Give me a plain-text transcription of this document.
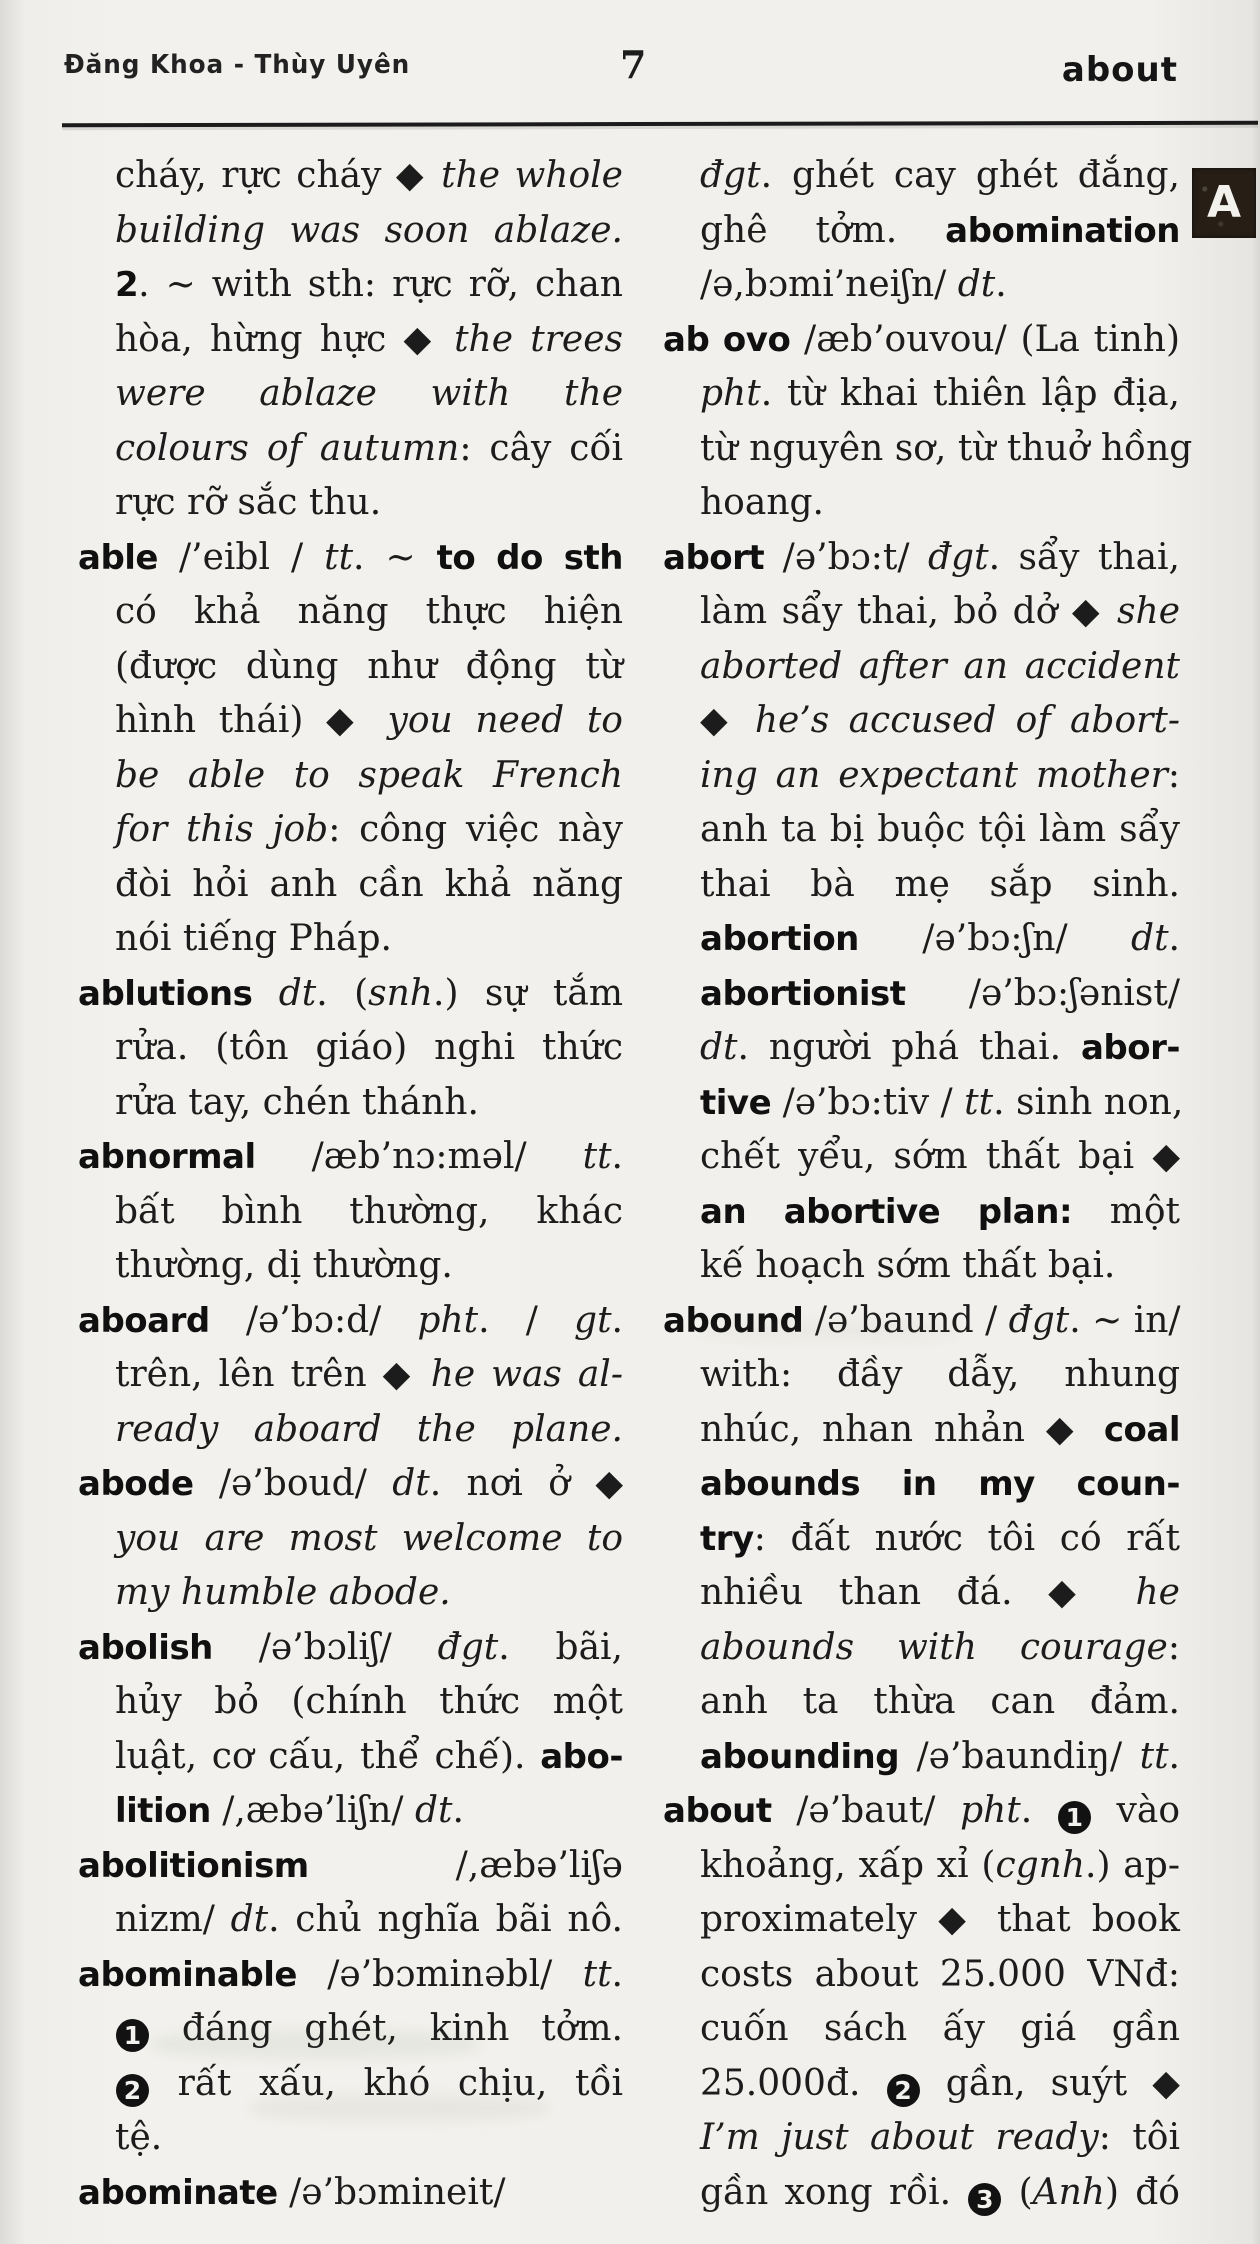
Đăng Khoa - Thùy Uyên	7	about
A
cháy, rực cháy ◆ the whole
building was soon ablaze.
2. ~ with sth: rực rỡ, chan
hòa, hừng hực ◆ the trees
were ablaze with the
colours of autumn: cây cối
rực rỡ sắc thu.
able /’eibl / tt. ~ to do sth
có khả năng thực hiện
(được dùng như động từ
hình thái) ◆ you need to
be able to speak French
for this job: công việc này
đòi hỏi anh cần khả năng
nói tiếng Pháp.
ablutions dt. (snh.) sự tắm
rửa. (tôn giáo) nghi thức
rửa tay, chén thánh.
abnormal /æb’nɔ:məl/ tt.
bất bình thường, khác
thường, dị thường.
aboard /ə’bɔ:d/ pht. / gt.
trên, lên trên ◆ he was al-
ready aboard the plane.
abode /ə’boud/ dt. nơi ở ◆
you are most welcome to
my humble abode.
abolish /ə’bɔliʃ/ đgt. bãi,
hủy bỏ (chính thức một
luật, cơ cấu, thể chế). abo-
lition /,æbə’liʃn/ dt.
abolitionism /,æbə’liʃə
nizm/ dt. chủ nghĩa bãi nô.
abominable /ə’bɔminəbl/ tt.
1 đáng ghét, kinh tởm.
2 rất xấu, khó chịu, tồi
tệ.
abominate /ə’bɔmineit/
đgt. ghét cay ghét đắng,
ghê tởm. abomination
/ə,bɔmi’neiʃn/ dt.
ab ovo /æb’ouvou/ (La tinh)
pht. từ khai thiên lập địa,
từ nguyên sơ, từ thuở hồng
hoang.
abort /ə’bɔ:t/ đgt. sẩy thai,
làm sẩy thai, bỏ dở ◆ she
aborted after an accident
◆ he’s accused of abort-
ing an expectant mother:
anh ta bị buộc tội làm sẩy
thai bà mẹ sắp sinh.
abortion /ə’bɔ:ʃn/ dt.
abortionist /ə’bɔ:ʃənist/
dt. người phá thai. abor-
tive /ə’bɔ:tiv / tt. sinh non,
chết yểu, sớm thất bại ◆
an abortive plan: một
kế hoạch sớm thất bại.
abound /ə’baund / đgt. ~ in/
with: đầy dẫy, nhung
nhúc, nhan nhản ◆ coal
abounds in my coun-
try: đất nước tôi có rất
nhiều than đá. ◆ he
abounds with courage:
anh ta thừa can đảm.
abounding /ə’baundiŋ/ tt.
about /ə’baut/ pht. 1 vào
khoảng, xấp xỉ (cgnh.) ap-
proximately ◆ that book
costs about 25.000 VNđ:
cuốn sách ấy giá gần
25.000đ. 2 gần, suýt ◆
I’m just about ready: tôi
gần xong rồi. 3 (Anh) đó
